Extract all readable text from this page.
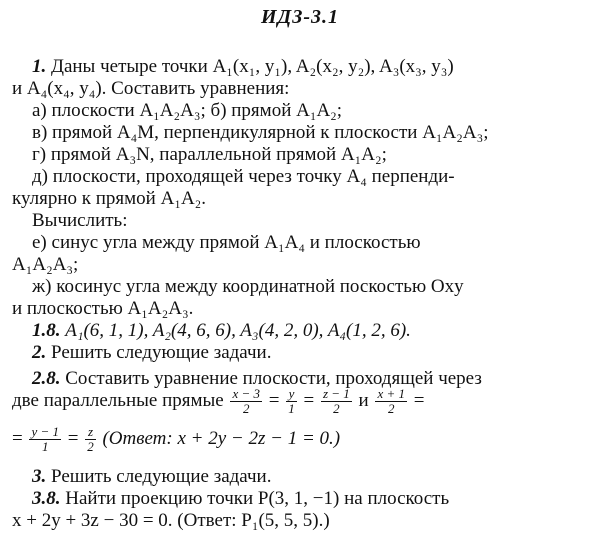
ИДЗ-3.1
1. Даны четыре точки A₁(x₁, y₁), A₂(x₂, y₂), A₃(x₃, y₃)
и A₄(x₄, y₄). Составить уравнения:
а) плоскости A₁A₂A₃; б) прямой A₁A₂;
в) прямой A₄M, перпендикулярной к плоскости A₁A₂A₃;
г) прямой A₃N, параллельной прямой A₁A₂;
д) плоскости, проходящей через точку A₄ перпенди-
кулярно к прямой A₁A₂.
Вычислить:
е) синус угла между прямой A₁A₄ и плоскостью
A₁A₂A₃;
ж) косинус угла между координатной поскостью Oxy
и плоскостью A₁A₂A₃.
1.8. A₁(6, 1, 1), A₂(4, 6, 6), A₃(4, 2, 0), A₄(1, 2, 6).
2. Решить следующие задачи.
2.8. Составить уравнение плоскости, проходящей через
две параллельные прямые $\frac{x - 3}{2} = \frac{y}{1} = \frac{z - 1}{2}$ и $\frac{x + 1}{2}$ =
= $\frac{y - 1}{1} = \frac{z}{2}$ (Ответ: x + 2y − 2z − 1 = 0.)
3. Решить следующие задачи.
3.8. Найти проекцию точки P(3, 1, −1) на плоскость
x + 2y + 3z − 30 = 0. (Ответ: P₁(5, 5, 5).)
